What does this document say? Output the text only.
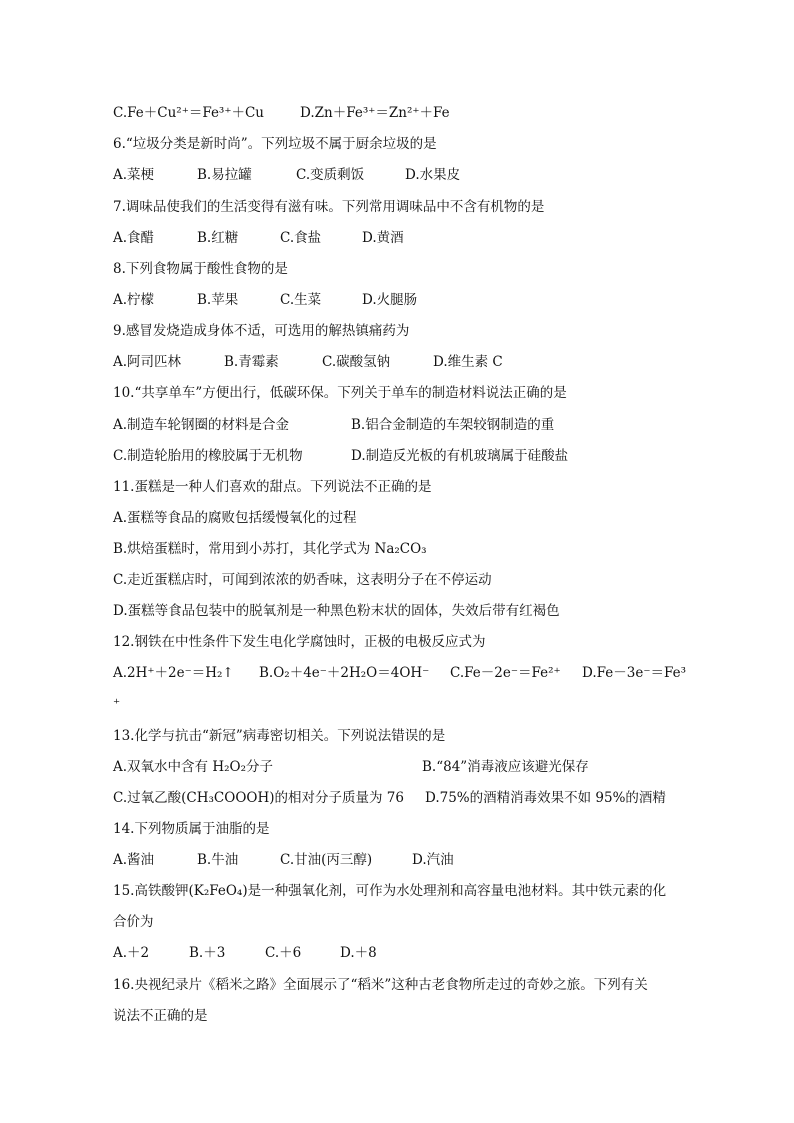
C.Fe＋Cu²⁺＝Fe³⁺＋Cu	D.Zn＋Fe³⁺＝Zn²⁺＋Fe
6.“垃圾分类是新时尚”。下列垃圾不属于厨余垃圾的是
A.菜梗	B.易拉罐	C.变质剩饭	D.水果皮
7.调味品使我们的生活变得有滋有味。下列常用调味品中不含有机物的是
A.食醋	B.红糖	C.食盐	D.黄酒
8.下列食物属于酸性食物的是
A.柠檬	B.苹果	C.生菜	D.火腿肠
9.感冒发烧造成身体不适，可选用的解热镇痛药为
A.阿司匹林	B.青霉素	C.碳酸氢钠	D.维生素 C
10.“共享单车”方便出行，低碳环保。下列关于单车的制造材料说法正确的是
A.制造车轮钢圈的材料是合金	B.铝合金制造的车架较钢制造的重
C.制造轮胎用的橡胶属于无机物	D.制造反光板的有机玻璃属于硅酸盐
11.蛋糕是一种人们喜欢的甜点。下列说法不正确的是
A.蛋糕等食品的腐败包括缓慢氧化的过程
B.烘焙蛋糕时，常用到小苏打，其化学式为 Na₂CO₃
C.走近蛋糕店时，可闻到浓浓的奶香味，这表明分子在不停运动
D.蛋糕等食品包装中的脱氧剂是一种黑色粉末状的固体，失效后带有红褐色
12.钢铁在中性条件下发生电化学腐蚀时，正极的电极反应式为
A.2H⁺＋2e⁻＝H₂↑ B.O₂＋4e⁻＋2H₂O＝4OH⁻ C.Fe－2e⁻＝Fe²⁺ D.Fe－3e⁻＝Fe³
⁺
13.化学与抗击“新冠”病毒密切相关。下列说法错误的是
A.双氧水中含有 H₂O₂分子	B.“84”消毒液应该避光保存
C.过氧乙酸(CH₃COOOH)的相对分子质量为 76 D.75%的酒精消毒效果不如 95%的酒精
14.下列物质属于油脂的是
A.酱油	B.牛油	C.甘油(丙三醇)	D.汽油
15.高铁酸钾(K₂FeO₄)是一种强氧化剂，可作为水处理剂和高容量电池材料。其中铁元素的化
合价为
A.＋2	B.＋3	C.＋6	D.＋8
16.央视纪录片《稻米之路》全面展示了“稻米”这种古老食物所走过的奇妙之旅。下列有关
说法不正确的是
